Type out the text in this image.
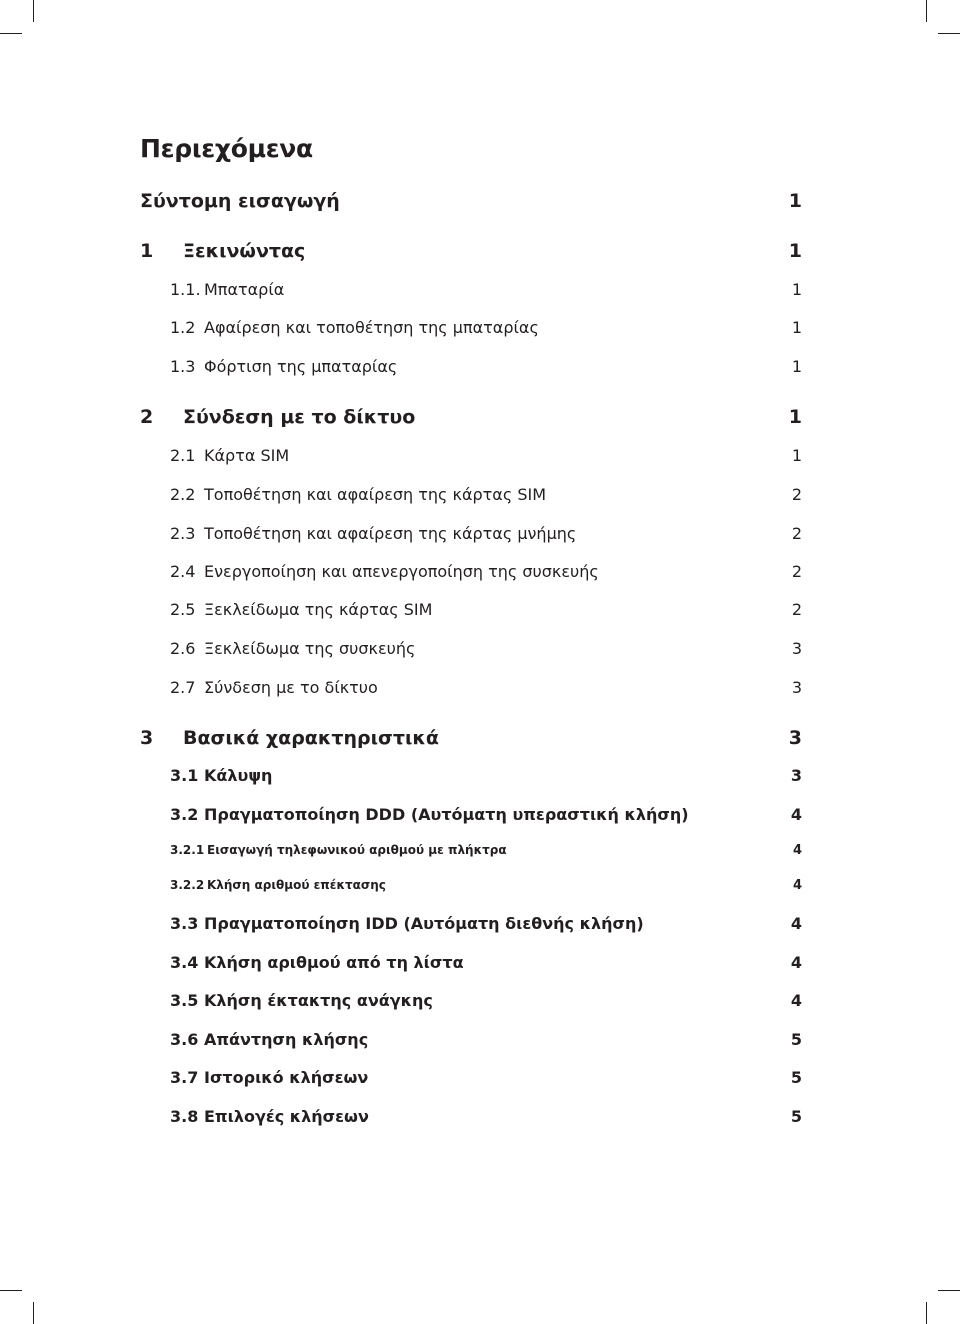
Περιεχόμενα
Σύντομη εισαγωγή	1
1 Ξεκινώντας	1
1.1. Μπαταρία	1
1.2 Αφαίρεση και τοποθέτηση της μπαταρίας	1
1.3 Φόρτιση της μπαταρίας	1
2 Σύνδεση με το δίκτυο	1
2.1 Κάρτα SIM	1
2.2 Τοποθέτηση και αφαίρεση της κάρτας SIM	2
2.3 Τοποθέτηση και αφαίρεση της κάρτας μνήμης	2
2.4 Ενεργοποίηση και απενεργοποίηση της συσκευής	2
2.5 Ξεκλείδωμα της κάρτας SIM	2
2.6 Ξεκλείδωμα της συσκευής	3
2.7 Σύνδεση με το δίκτυο	3
3 Βασικά χαρακτηριστικά	3
3.1 Κάλυψη	3
3.2 Πραγματοποίηση DDD (Αυτόματη υπεραστική κλήση)	4
3.2.1 Εισαγωγή τηλεφωνικού αριθμού με πλήκτρα	4
3.2.2 Κλήση αριθμού επέκτασης	4
3.3 Πραγματοποίηση IDD (Αυτόματη διεθνής κλήση)	4
3.4 Κλήση αριθμού από τη λίστα	4
3.5 Κλήση έκτακτης ανάγκης	4
3.6 Απάντηση κλήσης	5
3.7 Ιστορικό κλήσεων	5
3.8 Επιλογές κλήσεων	5
